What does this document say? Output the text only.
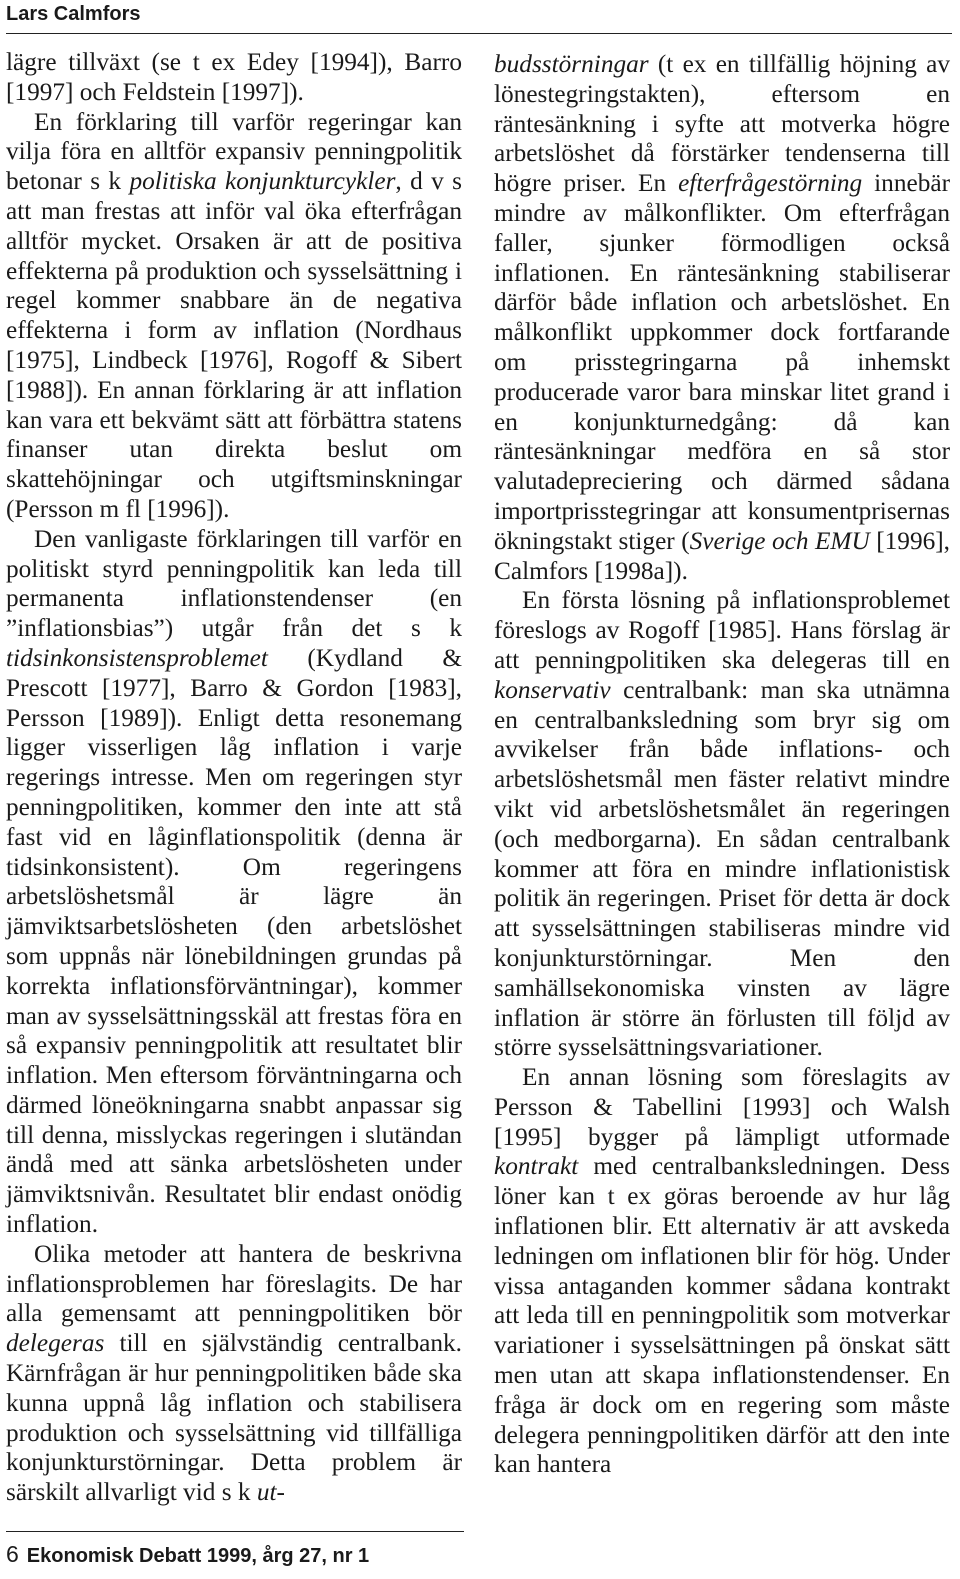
Lars Calmfors

lägre tillväxt (se t ex Edey [1994]), Barro [1997] och Feldstein [1997]).

En förklaring till varför regeringar kan vilja föra en alltför expansiv penningpolitik betonar s k politiska konjunkturcykler, d v s att man frestas att inför val öka efterfrågan alltför mycket. Orsaken är att de positiva effekterna på produktion och sysselsättning i regel kommer snabbare än de negativa effekterna i form av inflation (Nordhaus [1975], Lindbeck [1976], Rogoff & Sibert [1988]). En annan förklaring är att inflation kan vara ett bekvämt sätt att förbättra statens finanser utan direkta beslut om skattehöjningar och utgiftsminskningar (Persson m fl [1996]).

Den vanligaste förklaringen till varför en politiskt styrd penningpolitik kan leda till permanenta inflationstendenser (en ”inflationsbias”) utgår från det s k tidsinkonsistensproblemet (Kydland & Prescott [1977], Barro & Gordon [1983], Persson [1989]). Enligt detta resonemang ligger visserligen låg inflation i varje regerings intresse. Men om regeringen styr penningpolitiken, kommer den inte att stå fast vid en låginflationspolitik (denna är tidsinkonsistent). Om regeringens arbetslöshetsmål är lägre än jämviktsarbetslösheten (den arbetslöshet som uppnås när lönebildningen grundas på korrekta inflationsförväntningar), kommer man av sysselsättningsskäl att frestas föra en så expansiv penningpolitik att resultatet blir inflation. Men eftersom förväntningarna och därmed löneökningarna snabbt anpassar sig till denna, misslyckas regeringen i slutändan ändå med att sänka arbetslösheten under jämviktsnivån. Resultatet blir endast onödig inflation.

Olika metoder att hantera de beskrivna inflationsproblemen har föreslagits. De har alla gemensamt att penningpolitiken bör delegeras till en självständig centralbank. Kärnfrågan är hur penningpolitiken både ska kunna uppnå låg inflation och stabilisera produktion och sysselsättning vid tillfälliga konjunkturstörningar. Detta problem är särskilt allvarligt vid s k ut-

budsstörningar (t ex en tillfällig höjning av lönestegringstakten), eftersom en räntesänkning i syfte att motverka högre arbetslöshet då förstärker tendenserna till högre priser. En efterfrågestörning innebär mindre av målkonflikter. Om efterfrågan faller, sjunker förmodligen också inflationen. En räntesänkning stabiliserar därför både inflation och arbetslöshet. En målkonflikt uppkommer dock fortfarande om prisstegringarna på inhemskt producerade varor bara minskar litet grand i en konjunkturnedgång: då kan räntesänkningar medföra en så stor valutadepreciering och därmed sådana importprisstegringar att konsumentprisernas ökningstakt stiger (Sverige och EMU [1996], Calmfors [1998a]).

En första lösning på inflationsproblemet föreslogs av Rogoff [1985]. Hans förslag är att penningpolitiken ska delegeras till en konservativ centralbank: man ska utnämna en centralbanksledning som bryr sig om avvikelser från både inflations- och arbetslöshetsmål men fäster relativt mindre vikt vid arbetslöshetsmålet än regeringen (och medborgarna). En sådan centralbank kommer att föra en mindre inflationistisk politik än regeringen. Priset för detta är dock att sysselsättningen stabiliseras mindre vid konjunkturstörningar. Men den samhällsekonomiska vinsten av lägre inflation är större än förlusten till följd av större sysselsättningsvariationer.

En annan lösning som föreslagits av Persson & Tabellini [1993] och Walsh [1995] bygger på lämpligt utformade kontrakt med centralbanksledningen. Dess löner kan t ex göras beroende av hur låg inflationen blir. Ett alternativ är att avskeda ledningen om inflationen blir för hög. Under vissa antaganden kommer sådana kontrakt att leda till en penningpolitik som motverkar variationer i sysselsättningen på önskat sätt men utan att skapa inflationstendenser. En fråga är dock om en regering som måste delegera penningpolitiken därför att den inte kan hantera

6 Ekonomisk Debatt 1999, årg 27, nr 1
